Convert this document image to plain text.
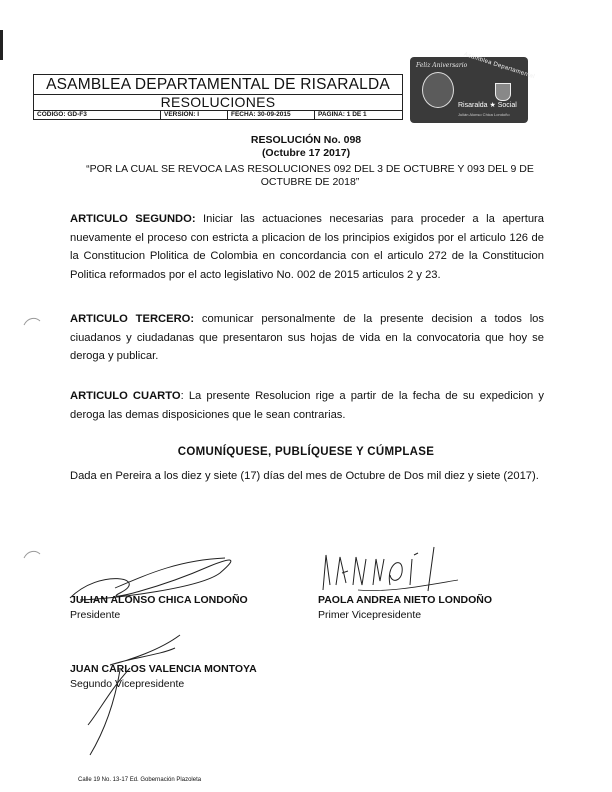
ASAMBLEA DEPARTAMENTAL DE RISARALDA
RESOLUCIONES
CÓDIGO: GD-F3	VERSIÓN: I	FECHA: 30-09-2015	PAGINA: 1 DE 1
Feliz Aniversario
Asamblea Departamental
Risaralda ★ Social
Julián Alonso Chica Londoño
RESOLUCIÓN No. 098
(Octubre 17 2017)
“POR LA CUAL SE REVOCA LAS RESOLUCIONES 092 DEL 3 DE OCTUBRE Y 093 DEL 9 DE OCTUBRE DE 2018”
ARTICULO SEGUNDO: Iniciar las actuaciones necesarias para proceder a la apertura nuevamente el proceso con estricta a plicacion de los principios exigidos por el articulo 126 de la Constitucion Plolitica de Colombia en concordancia con el articulo 272 de la Constitucion Politica reformados por el acto legislativo No. 002 de 2015 articulos 2 y 23.
ARTICULO TERCERO: comunicar personalmente de la presente decision a todos los ciuadanos y ciudadanas que presentaron sus hojas de vida en la convocatoria que hoy se deroga y publicar.
ARTICULO CUARTO: La presente Resolucion rige a partir de la fecha de su expedicion y deroga las demas disposiciones que le sean contrarias.
COMUNÍQUESE, PUBLÍQUESE Y CÚMPLASE
Dada en Pereira a los diez y siete (17) días del mes de Octubre de Dos mil diez y siete (2017).
JULIAN ALONSO CHICA LONDOÑO
Presidente
PAOLA ANDREA NIETO LONDOÑO
Primer Vicepresidente
JUAN CARLOS VALENCIA MONTOYA
Segundo Vicepresidente
Calle 19 No. 13-17 Ed. Gobernación Plazoleta
